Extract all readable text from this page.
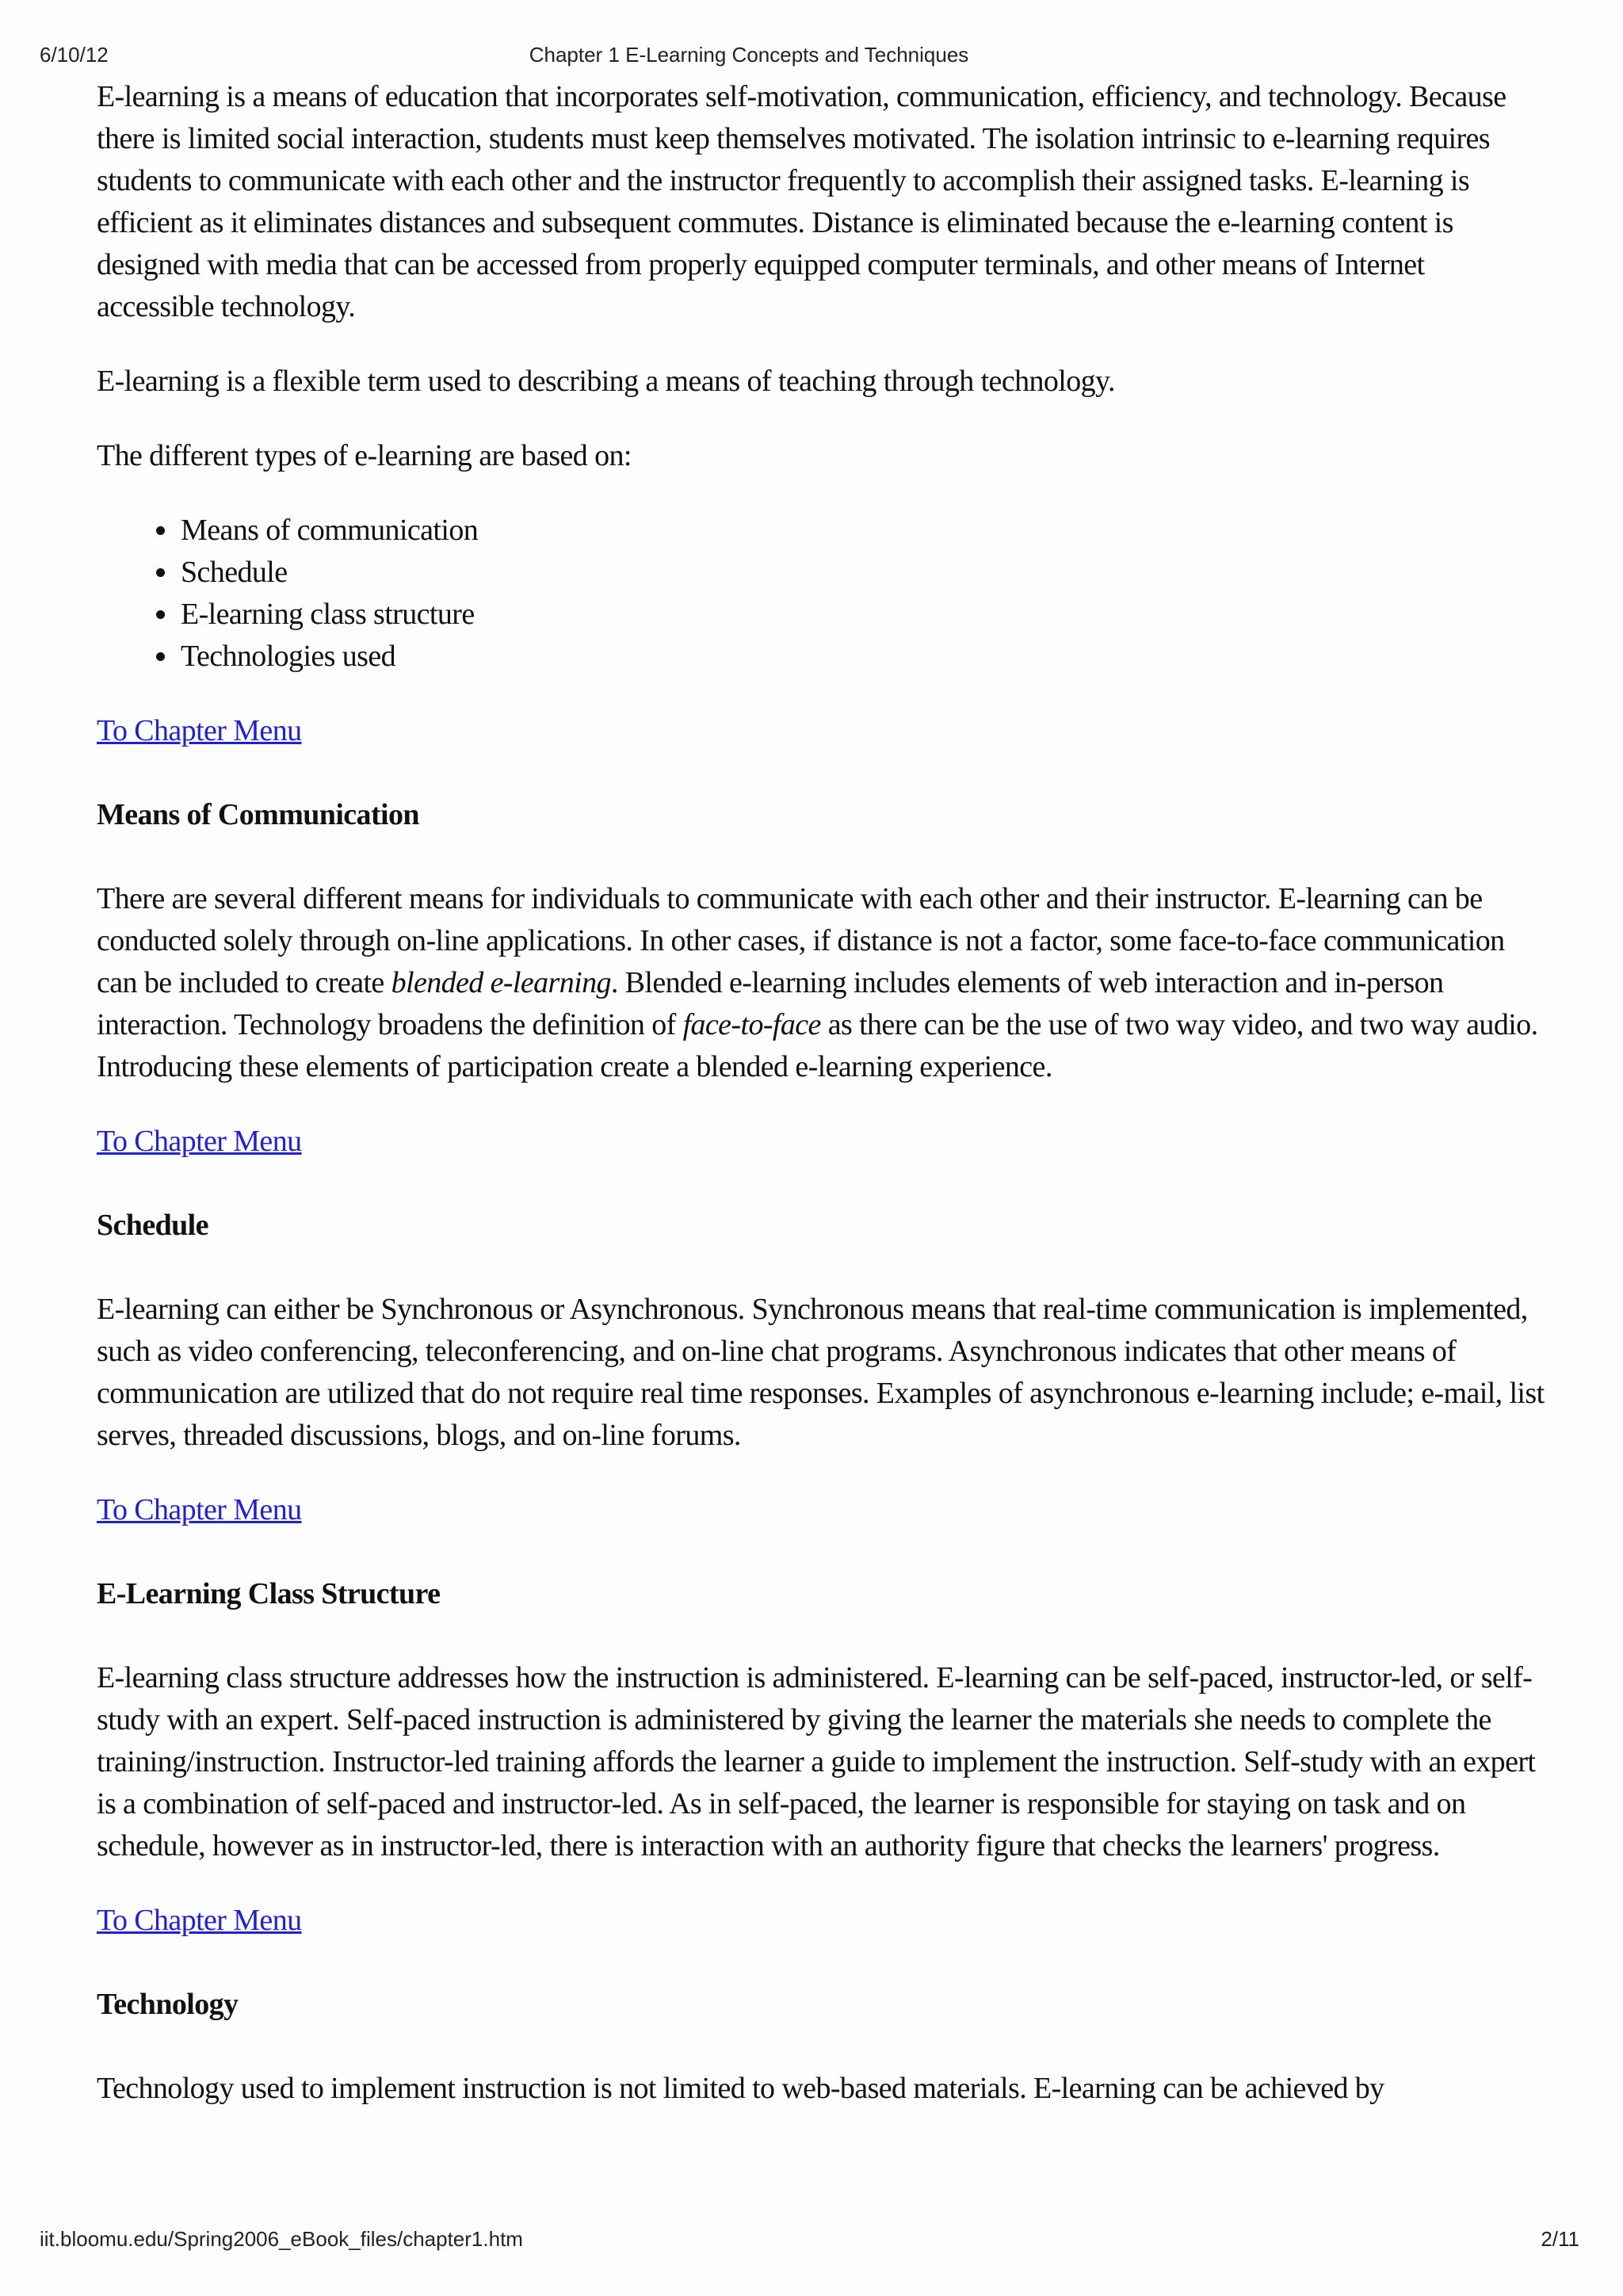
6/10/12	Chapter 1 E-Learning Concepts and Techniques

E-learning is a means of education that incorporates self-motivation, communication, efficiency, and technology. Because there is limited social interaction, students must keep themselves motivated. The isolation intrinsic to e-learning requires students to communicate with each other and the instructor frequently to accomplish their assigned tasks. E-learning is efficient as it eliminates distances and subsequent commutes. Distance is eliminated because the e-learning content is designed with media that can be accessed from properly equipped computer terminals, and other means of Internet accessible technology.

E-learning is a flexible term used to describing a means of teaching through technology.

The different types of e-learning are based on:

• Means of communication
• Schedule
• E-learning class structure
• Technologies used

To Chapter Menu

Means of Communication

There are several different means for individuals to communicate with each other and their instructor. E-learning can be conducted solely through on-line applications. In other cases, if distance is not a factor, some face-to-face communication can be included to create blended e-learning. Blended e-learning includes elements of web interaction and in-person interaction. Technology broadens the definition of face-to-face as there can be the use of two way video, and two way audio. Introducing these elements of participation create a blended e-learning experience.

To Chapter Menu

Schedule

E-learning can either be Synchronous or Asynchronous. Synchronous means that real-time communication is implemented, such as video conferencing, teleconferencing, and on-line chat programs. Asynchronous indicates that other means of communication are utilized that do not require real time responses. Examples of asynchronous e-learning include; e-mail, list serves, threaded discussions, blogs, and on-line forums.

To Chapter Menu

E-Learning Class Structure

E-learning class structure addresses how the instruction is administered. E-learning can be self-paced, instructor-led, or self-study with an expert. Self-paced instruction is administered by giving the learner the materials she needs to complete the training/instruction. Instructor-led training affords the learner a guide to implement the instruction. Self-study with an expert is a combination of self-paced and instructor-led. As in self-paced, the learner is responsible for staying on task and on schedule, however as in instructor-led, there is interaction with an authority figure that checks the learners' progress.

To Chapter Menu

Technology

Technology used to implement instruction is not limited to web-based materials. E-learning can be achieved by

iit.bloomu.edu/Spring2006_eBook_files/chapter1.htm	2/11
